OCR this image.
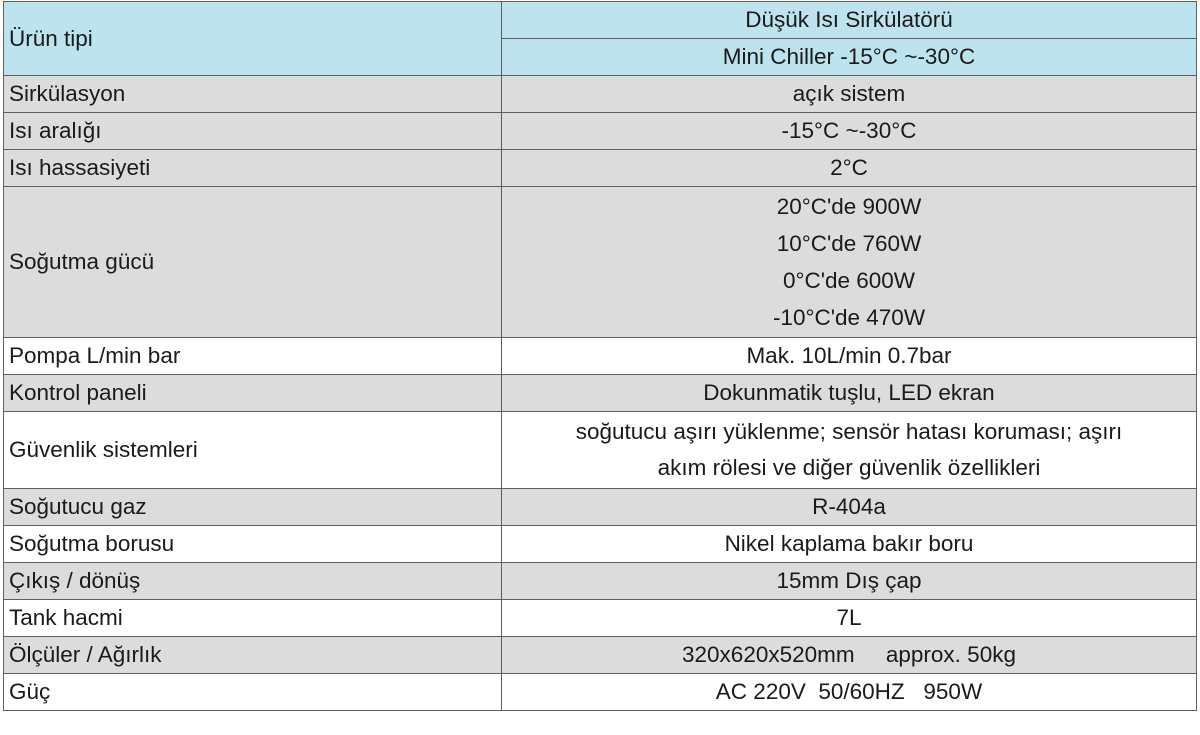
Ürün tipi	Düşük Isı Sirkülatörü
	Mini Chiller -15°C ~-30°C
Sirkülasyon	açık sistem
Isı aralığı	-15°C ~-30°C
Isı hassasiyeti	2°C
Soğutma gücü	20°C'de 900W
10°C'de 760W
0°C'de 600W
-10°C'de 470W

Pompa L/min bar	Mak. 10L/min 0.7bar
Kontrol paneli	Dokunmatik tuşlu, LED ekran
Güvenlik sistemleri	soğutucu aşırı yüklenme; sensör hatası koruması; aşırı
akım rölesi ve diğer güvenlik özellikleri

Soğutucu gaz	R-404a
Soğutma borusu	Nikel kaplama bakır boru
Çıkış / dönüş	15mm Dış çap
Tank hacmi	7L
Ölçüler / Ağırlık	320x620x520mm     approx. 50kg
Güç	AC 220V  50/60HZ   950W
